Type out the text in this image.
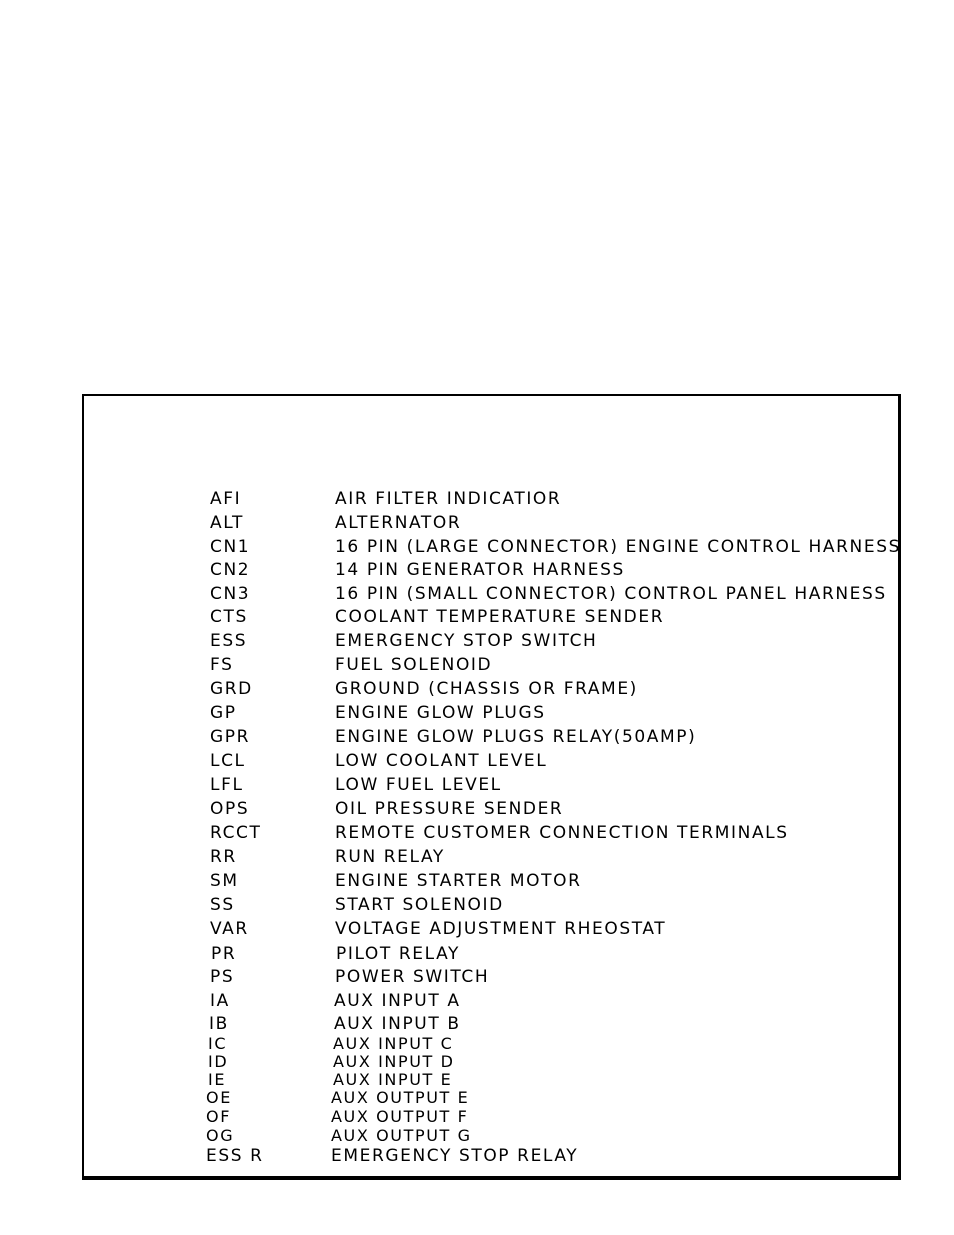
AFI	AIR FILTER INDICATIOR
ALT	ALTERNATOR
CN1	16 PIN (LARGE CONNECTOR) ENGINE CONTROL HARNESS
CN2	14 PIN GENERATOR HARNESS
CN3	16 PIN (SMALL CONNECTOR) CONTROL PANEL HARNESS
CTS	COOLANT TEMPERATURE SENDER
ESS	EMERGENCY STOP SWITCH
FS	FUEL SOLENOID
GRD	GROUND (CHASSIS OR FRAME)
GP	ENGINE GLOW PLUGS
GPR	ENGINE GLOW PLUGS RELAY(50AMP)
LCL	LOW COOLANT LEVEL
LFL	LOW FUEL LEVEL
OPS	OIL PRESSURE SENDER
RCCT	REMOTE CUSTOMER CONNECTION TERMINALS
RR	RUN RELAY
SM	ENGINE STARTER MOTOR
SS	START SOLENOID
VAR	VOLTAGE ADJUSTMENT RHEOSTAT
PR	PILOT RELAY
PS	POWER SWITCH
IA	AUX INPUT A
IB	AUX INPUT B
IC	AUX INPUT C
ID	AUX INPUT D
IE	AUX INPUT E
OE	AUX OUTPUT E
OF	AUX OUTPUT F
OG	AUX OUTPUT G
ESS R	EMERGENCY STOP RELAY
